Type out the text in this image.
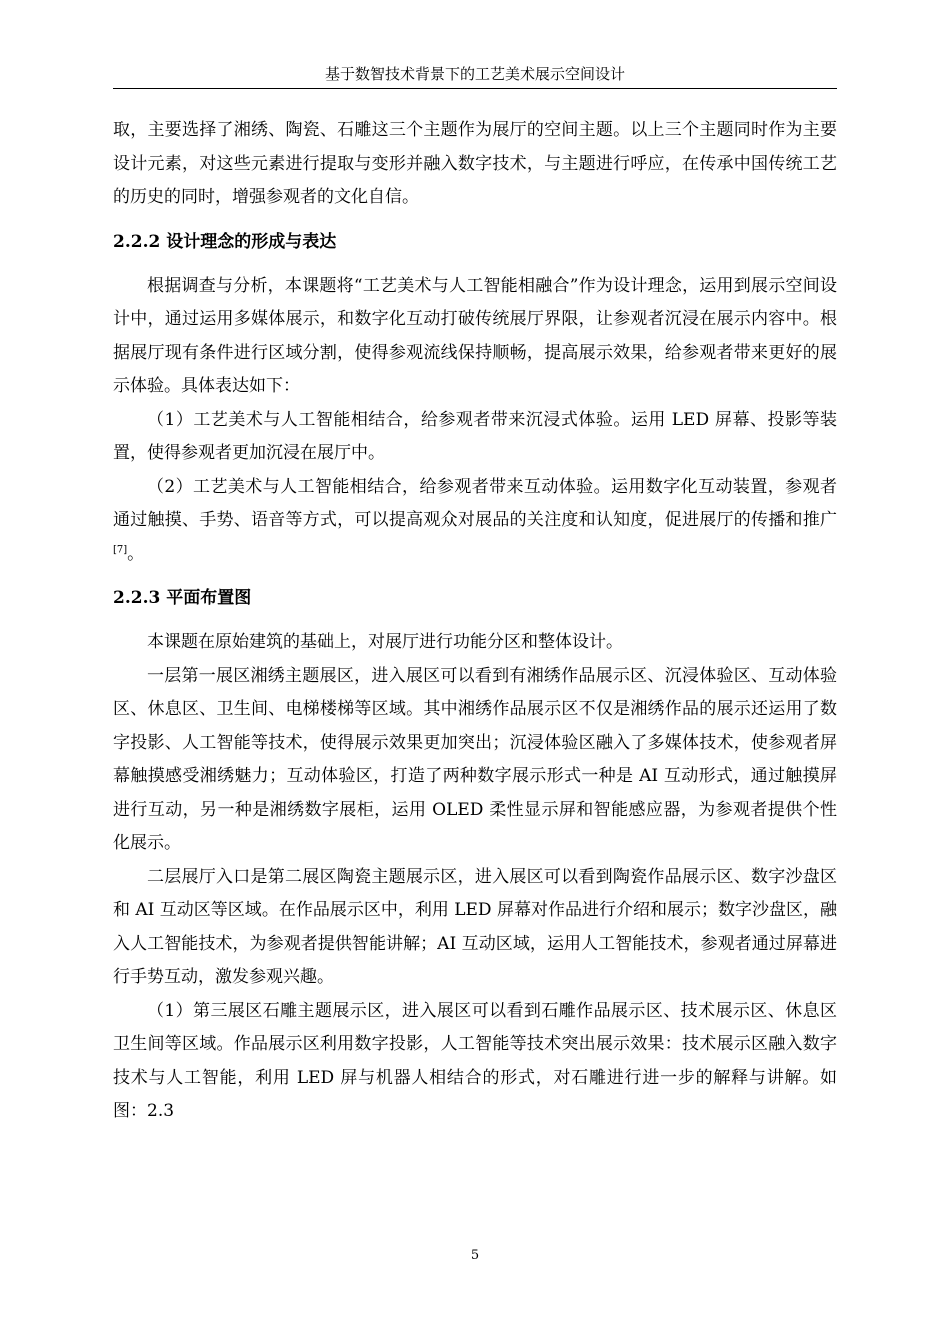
基于数智技术背景下的工艺美术展示空间设计

取，主要选择了湘绣、陶瓷、石雕这三个主题作为展厅的空间主题。以上三个主题同时作为主要设计元素，对这些元素进行提取与变形并融入数字技术，与主题进行呼应，在传承中国传统工艺的历史的同时，增强参观者的文化自信。

2.2.2 设计理念的形成与表达

根据调查与分析，本课题将“工艺美术与人工智能相融合”作为设计理念，运用到展示空间设计中，通过运用多媒体展示，和数字化互动打破传统展厅界限，让参观者沉浸在展示内容中。根据展厅现有条件进行区域分割，使得参观流线保持顺畅，提高展示效果，给参观者带来更好的展示体验。具体表达如下：

（1）工艺美术与人工智能相结合，给参观者带来沉浸式体验。运用 LED 屏幕、投影等装置，使得参观者更加沉浸在展厅中。

（2）工艺美术与人工智能相结合，给参观者带来互动体验。运用数字化互动装置，参观者通过触摸、手势、语音等方式，可以提高观众对展品的关注度和认知度，促进展厅的传播和推广[7]。

2.2.3 平面布置图

本课题在原始建筑的基础上，对展厅进行功能分区和整体设计。

一层第一展区湘绣主题展区，进入展区可以看到有湘绣作品展示区、沉浸体验区、互动体验区、休息区、卫生间、电梯楼梯等区域。其中湘绣作品展示区不仅是湘绣作品的展示还运用了数字投影、人工智能等技术，使得展示效果更加突出；沉浸体验区融入了多媒体技术，使参观者屏幕触摸感受湘绣魅力；互动体验区，打造了两种数字展示形式一种是 AI 互动形式，通过触摸屏进行互动，另一种是湘绣数字展柜，运用 OLED 柔性显示屏和智能感应器，为参观者提供个性化展示。

二层展厅入口是第二展区陶瓷主题展示区，进入展区可以看到陶瓷作品展示区、数字沙盘区和 AI 互动区等区域。在作品展示区中，利用 LED 屏幕对作品进行介绍和展示；数字沙盘区，融入人工智能技术，为参观者提供智能讲解；AI 互动区域，运用人工智能技术，参观者通过屏幕进行手势互动，激发参观兴趣。

（1）第三展区石雕主题展示区，进入展区可以看到石雕作品展示区、技术展示区、休息区卫生间等区域。作品展示区利用数字投影，人工智能等技术突出展示效果：技术展示区融入数字技术与人工智能，利用 LED 屏与机器人相结合的形式，对石雕进行进一步的解释与讲解。如图：2.3

5
